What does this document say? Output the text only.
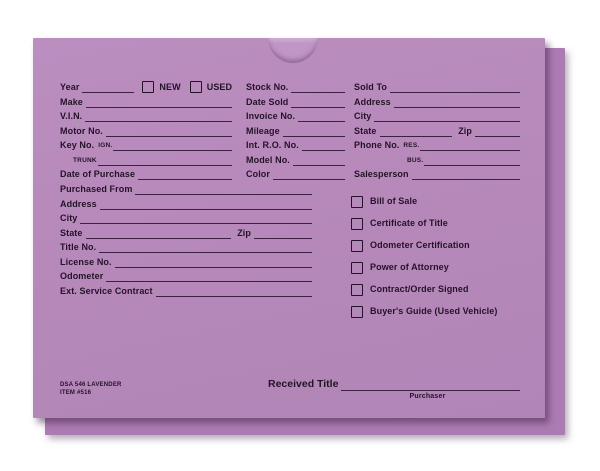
Year	NEW	USED
Make
V.I.N.
Motor No.
Key No. IGN.
TRUNK
Date of Purchase
Purchased From
Address
City
State	Zip
Title No.
License No.
Odometer
Ext. Service Contract
Stock No.
Date Sold
Invoice No.
Mileage
Int. R.O. No.
Model No.
Color
Sold To
Address
City
State	Zip
Phone No. RES.
BUS.
Salesperson
Bill of Sale
Certificate of Title
Odometer Certification
Power of Attorney
Contract/Order Signed
Buyer's Guide (Used Vehicle)
DSA 546 LAVENDER
ITEM #516
Received Title
Purchaser
